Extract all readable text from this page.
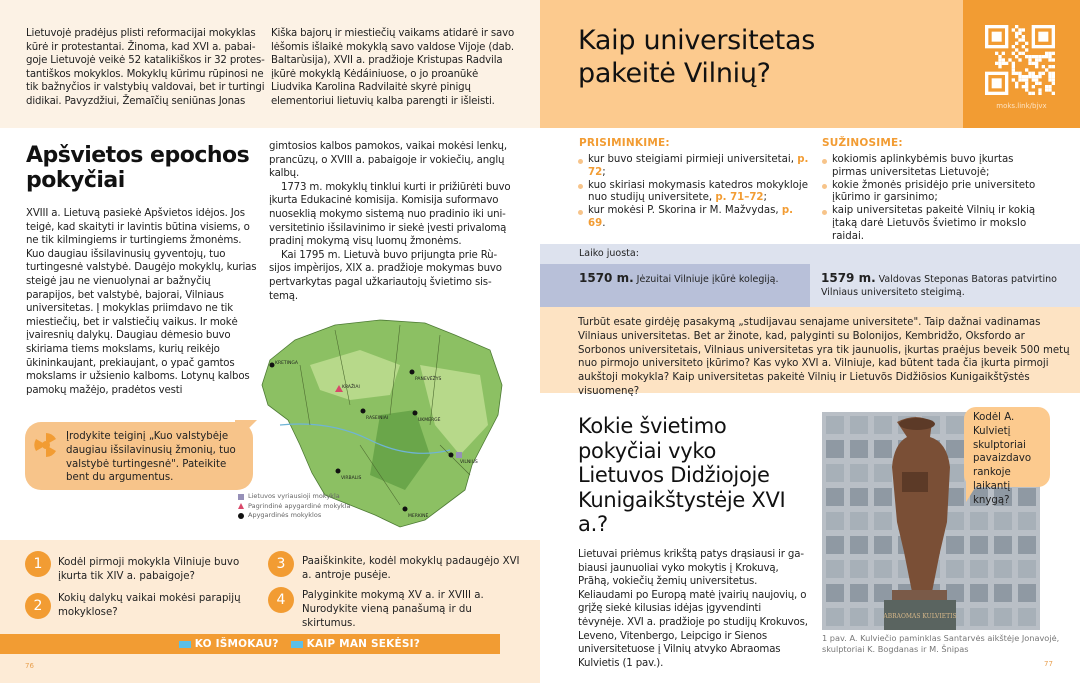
Lietuvojė pradėjus plisti reformacijai mokyklas kūrė ir protestantai. Žinoma, kad XVI a. pabaigoje Lietuvojė veikė 52 katalikiškos ir 32 protestantiškos mokyklos. Mokyklų kūrimu rūpinosi ne tik bažnyčios ir valstybių valdovai, bet ir turtingi didikai. Pavyzdžiui, Žemaĩčių seniūnas Jonas

Kiška bajorų ir miestiečių vaikams atidarė ir savo lėšomis išlaikė mokyklą savo valdose Vijoje (dab. Baltarùsija), XVII a. pradžioje Kristupas Radvila įkūrė mokyklą Kėdáiniuose, o jo proanūkė Liudvika Karolina Radvilaitė skyrė pinigų elementoriui lietuvių kalba parengti ir išleisti.

Apšvietos epochos pokyčiai

XVIII a. Lietuvą pasiekė Apšvietos idėjos. Jos teigė, kad skaityti ir lavintis būtina visiems, o ne tik kilmingiems ir turtingiems žmonėms. Kuo daugiau išsilavinusių gyventojų, tuo turtingesnė valstybė. Daugėjo mokyklų, kurias steigė jau ne vienuolynai ar bažnyčių parapijos, bet valstybė, bajorai, Vilniaus universitetas. Į mokyklas priimdavo ne tik miestiečių, bet ir valstiečių vaikus. Ir mokė įvairesnių dalykų. Daugiau dėmesio buvo skiriama tiems mokslams, kurių reikėjo ūkininkaujant, prekiaujant, o ypač gamtos mokslams ir užsienio kalboms. Lotynų kalbos pamokų mažėjo, pradėtos vesti

gimtosios kalbos pamokos, vaikai mokėsi lenkų, prancūzų, o XVIII a. pabaigoje ir vokiečių, anglų kalbų.

1773 m. mokyklų tinklui kurti ir prižiūrėti buvo įkurta Edukacinė komisija. Komisija suformavo nuoseklią mokymo sistemą nuo pradinio iki universitetinio išsilavinimo ir siekė įvesti privalomą pradinį mokymą visų luomų žmonėms.

Kai 1795 m. Lietuvà buvo prijungta prie Rùsijos impèrijos, XIX a. pradžioje mokymas buvo pertvarkytas pagal užkariautojų švietimo sistemą.

KRETINGA
KRAŽIAI
RASEINIAI
PANEVĖŽYS
UKMERGĖ
VILNIUS
VIRBALIS
MERKINĖ
Lietuvos vyriausioji mokykla
Pagrindinė apygardinė mokykla
Apygardinės mokyklos

Įrodykite teiginį „Kuo valstybėje daugiau išsilavinusių žmonių, tuo valstybė turtingesnė". Pateikite bent du argumentus.

1	Kodėl pirmoji mokykla Vilniuje buvo įkurta tik XIV a. pabaigoje?

2	Kokių dalykų vaikai mokėsi parapijų mokyklose?

3	Paaiškinkite, kodėl mokyklų padaugėjo XVI a. antroje pusėje.

4	Palyginkite mokymą XV a. ir XVIII a. Nurodykite vieną panašumą ir du skirtumus.

KO IŠMOKAU?	KAIP MAN SEKĖSI?
76
Kaip universitetas pakeitė Vilnių?
moks.link/bjvx
PRISIMINKIME:
kur buvo steigiami pirmieji universitetai, p. 72;
kuo skiriasi mokymasis katedros mokykloje nuo studijų universitete, p. 71–72;
kur mokėsi P. Skorina ir M. Mažvydas, p. 69.
SUŽINOSIME:
kokiomis aplinkybėmis buvo įkurtas pirmas universitetas Lietuvojė;
kokie žmonės prisidėjo prie universiteto įkūrimo ir garsinimo;
kaip universitetas pakeitė Vilnių ir kokią įtaką darė Lietuvõs švietimo ir mokslo raidai.
Laiko juosta:

1570 m. Jėzuitai Vilniuje įkūrė kolegiją.	1579 m. Valdovas Steponas Batoras patvirtino Vilniaus universiteto steigimą.

Turbūt esate girdėję pasakymą „studijavau senajame universitete". Taip dažnai vadinamas Vilniaus universitetas. Bet ar žinote, kad, palyginti su Bolonijos, Kembridžo, Oksfordo ar Sorbonos universitetais, Vilniaus universitetas yra tik jaunuolis, įkurtas praėjus beveik 500 metų nuo pirmojo universiteto įkūrimo? Kas vyko XVI a. Vilniuje, kad būtent tada čia įkurta pirmoji aukštoji mokykla? Kaip universitetas pakeitė Vilnių ir Lietuvõs Didžiõsios Kunigaikštỹstės visuomenę?

Kokie švietimo pokyčiai vyko Lietuvos Didžiojoje Kunigaikštystėje XVI a.?

Lietuvai priėmus krikštą patys drąsiausi ir gabiausi jaunuoliai vyko mokytis į Krokuvą, Prãhą, vokiečių žemių universitetus. Keliaudami po Europą matė įvairių naujovių, o grįžę siekė kilusias idėjas įgyvendinti tėvynėje. XVI a. pradžioje po studijų Krokuvos, Leveno, Vitenbergo, Leipcigo ir Sienos universitetuose į Vilnių atvyko Abraomas Kulvietis (1 pav.).

ABRAOMAS KULVIETIS

Kodėl A. Kulvietį skulptoriai pavaizdavo rankoje laikantį knygą?

1 pav. A. Kulviečio paminklas Santarvės aikštėje Jonavojė, skulptoriai K. Bogdanas ir M. Šnipas

77
